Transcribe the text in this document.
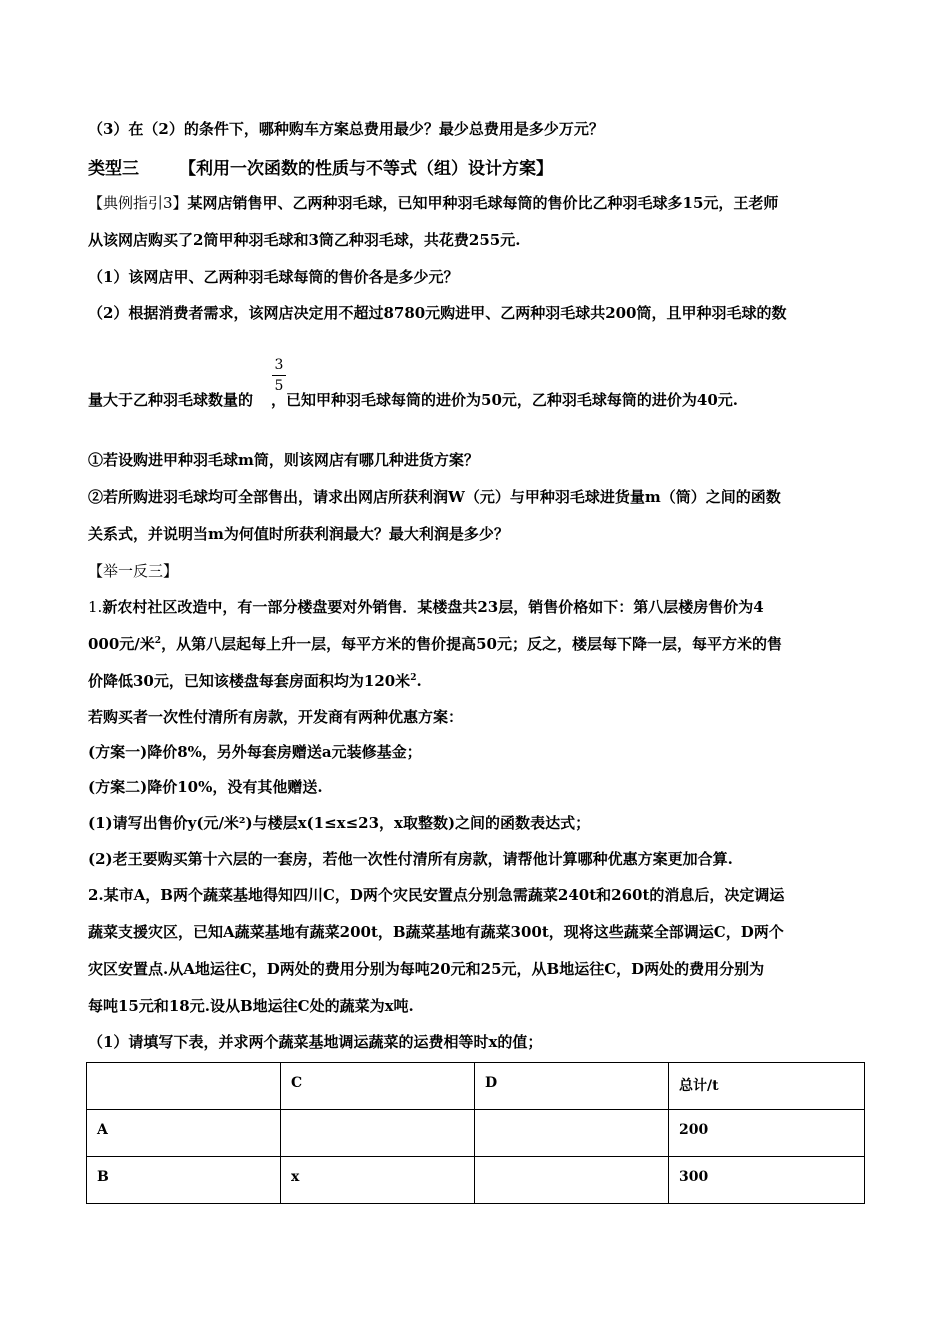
（3）在（2）的条件下，哪种购车方案总费用最少？最少总费用是多少万元？
类型三 【利用一次函数的性质与不等式（组）设计方案】
【典例指引3】某网店销售甲、乙两种羽毛球，已知甲种羽毛球每筒的售价比乙种羽毛球多15元，王老师
从该网店购买了2筒甲种羽毛球和3筒乙种羽毛球，共花费255元.
（1）该网店甲、乙两种羽毛球每筒的售价各是多少元？
（2）根据消费者需求，该网店决定用不超过8780元购进甲、乙两种羽毛球共200筒，且甲种羽毛球的数
3
5
量大于乙种羽毛球数量的 ，已知甲种羽毛球每筒的进价为50元，乙种羽毛球每筒的进价为40元.
①若设购进甲种羽毛球m筒，则该网店有哪几种进货方案？
②若所购进羽毛球均可全部售出，请求出网店所获利润W（元）与甲种羽毛球进货量m（筒）之间的函数
关系式，并说明当m为何值时所获利润最大？最大利润是多少？
【举一反三】
1.新农村社区改造中，有一部分楼盘要对外销售．某楼盘共23层，销售价格如下：第八层楼房售价为4
000元/米$^2$，从第八层起每上升一层，每平方米的售价提高50元；反之，楼层每下降一层，每平方米的售
价降低30元，已知该楼盘每套房面积均为120米$^2$.
若购买者一次性付清所有房款，开发商有两种优惠方案：
(方案一)降价8%，另外每套房赠送a元装修基金；
(方案二)降价10%，没有其他赠送.
(1)请写出售价y(元/米²)与楼层x(1≤x≤23，x取整数)之间的函数表达式；
(2)老王要购买第十六层的一套房，若他一次性付清所有房款，请帮他计算哪种优惠方案更加合算.
2.某市A，B两个蔬菜基地得知四川C，D两个灾民安置点分别急需蔬菜240t和260t的消息后，决定调运
蔬菜支援灾区，已知A蔬菜基地有蔬菜200t，B蔬菜基地有蔬菜300t，现将这些蔬菜全部调运C，D两个
灾区安置点.从A地运往C，D两处的费用分别为每吨20元和25元，从B地运往C，D两处的费用分别为
每吨15元和18元.设从B地运往C处的蔬菜为x吨.
（1）请填写下表，并求两个蔬菜基地调运蔬菜的运费相等时x的值；
	C	D	总计/t
A			200
B	x		300
